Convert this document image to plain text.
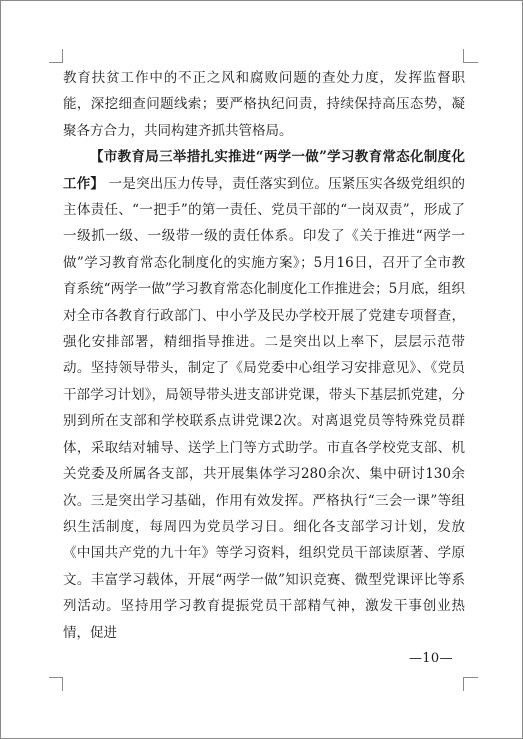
教育扶贫工作中的不正之风和腐败问题的查处力度，发挥监督职能，深挖细查问题线索；要严格执纪问责，持续保持高压态势，凝聚各方合力，共同构建齐抓共管格局。

【市教育局三举措扎实推进“两学一做”学习教育常态化制度化工作】 一是突出压力传导，责任落实到位。压紧压实各级党组织的主体责任、“一把手”的第一责任、党员干部的“一岗双责”，形成了一级抓一级、一级带一级的责任体系。印发了《关于推进“两学一做”学习教育常态化制度化的实施方案》；5月16日，召开了全市教育系统“两学一做”学习教育常态化制度化工作推进会；5月底，组织对全市各教育行政部门、中小学及民办学校开展了党建专项督查，强化安排部署，精细指导推进。二是突出以上率下，层层示范带动。坚持领导带头，制定了《局党委中心组学习安排意见》、《党员干部学习计划》，局领导带头进支部讲党课，带头下基层抓党建，分别到所在支部和学校联系点讲党课2次。对离退党员等特殊党员群体，采取结对辅导、送学上门等方式助学。市直各学校党支部、机关党委及所属各支部，共开展集体学习280余次、集中研讨130余次。三是突出学习基础，作用有效发挥。严格执行“三会一课”等组织生活制度，每周四为党员学习日。细化各支部学习计划，发放《中国共产党的九十年》等学习资料，组织党员干部读原著、学原文。丰富学习载体，开展“两学一做”知识竞赛、微型党课评比等系列活动。坚持用学习教育提振党员干部精气神，激发干事创业热情，促进

—10—
